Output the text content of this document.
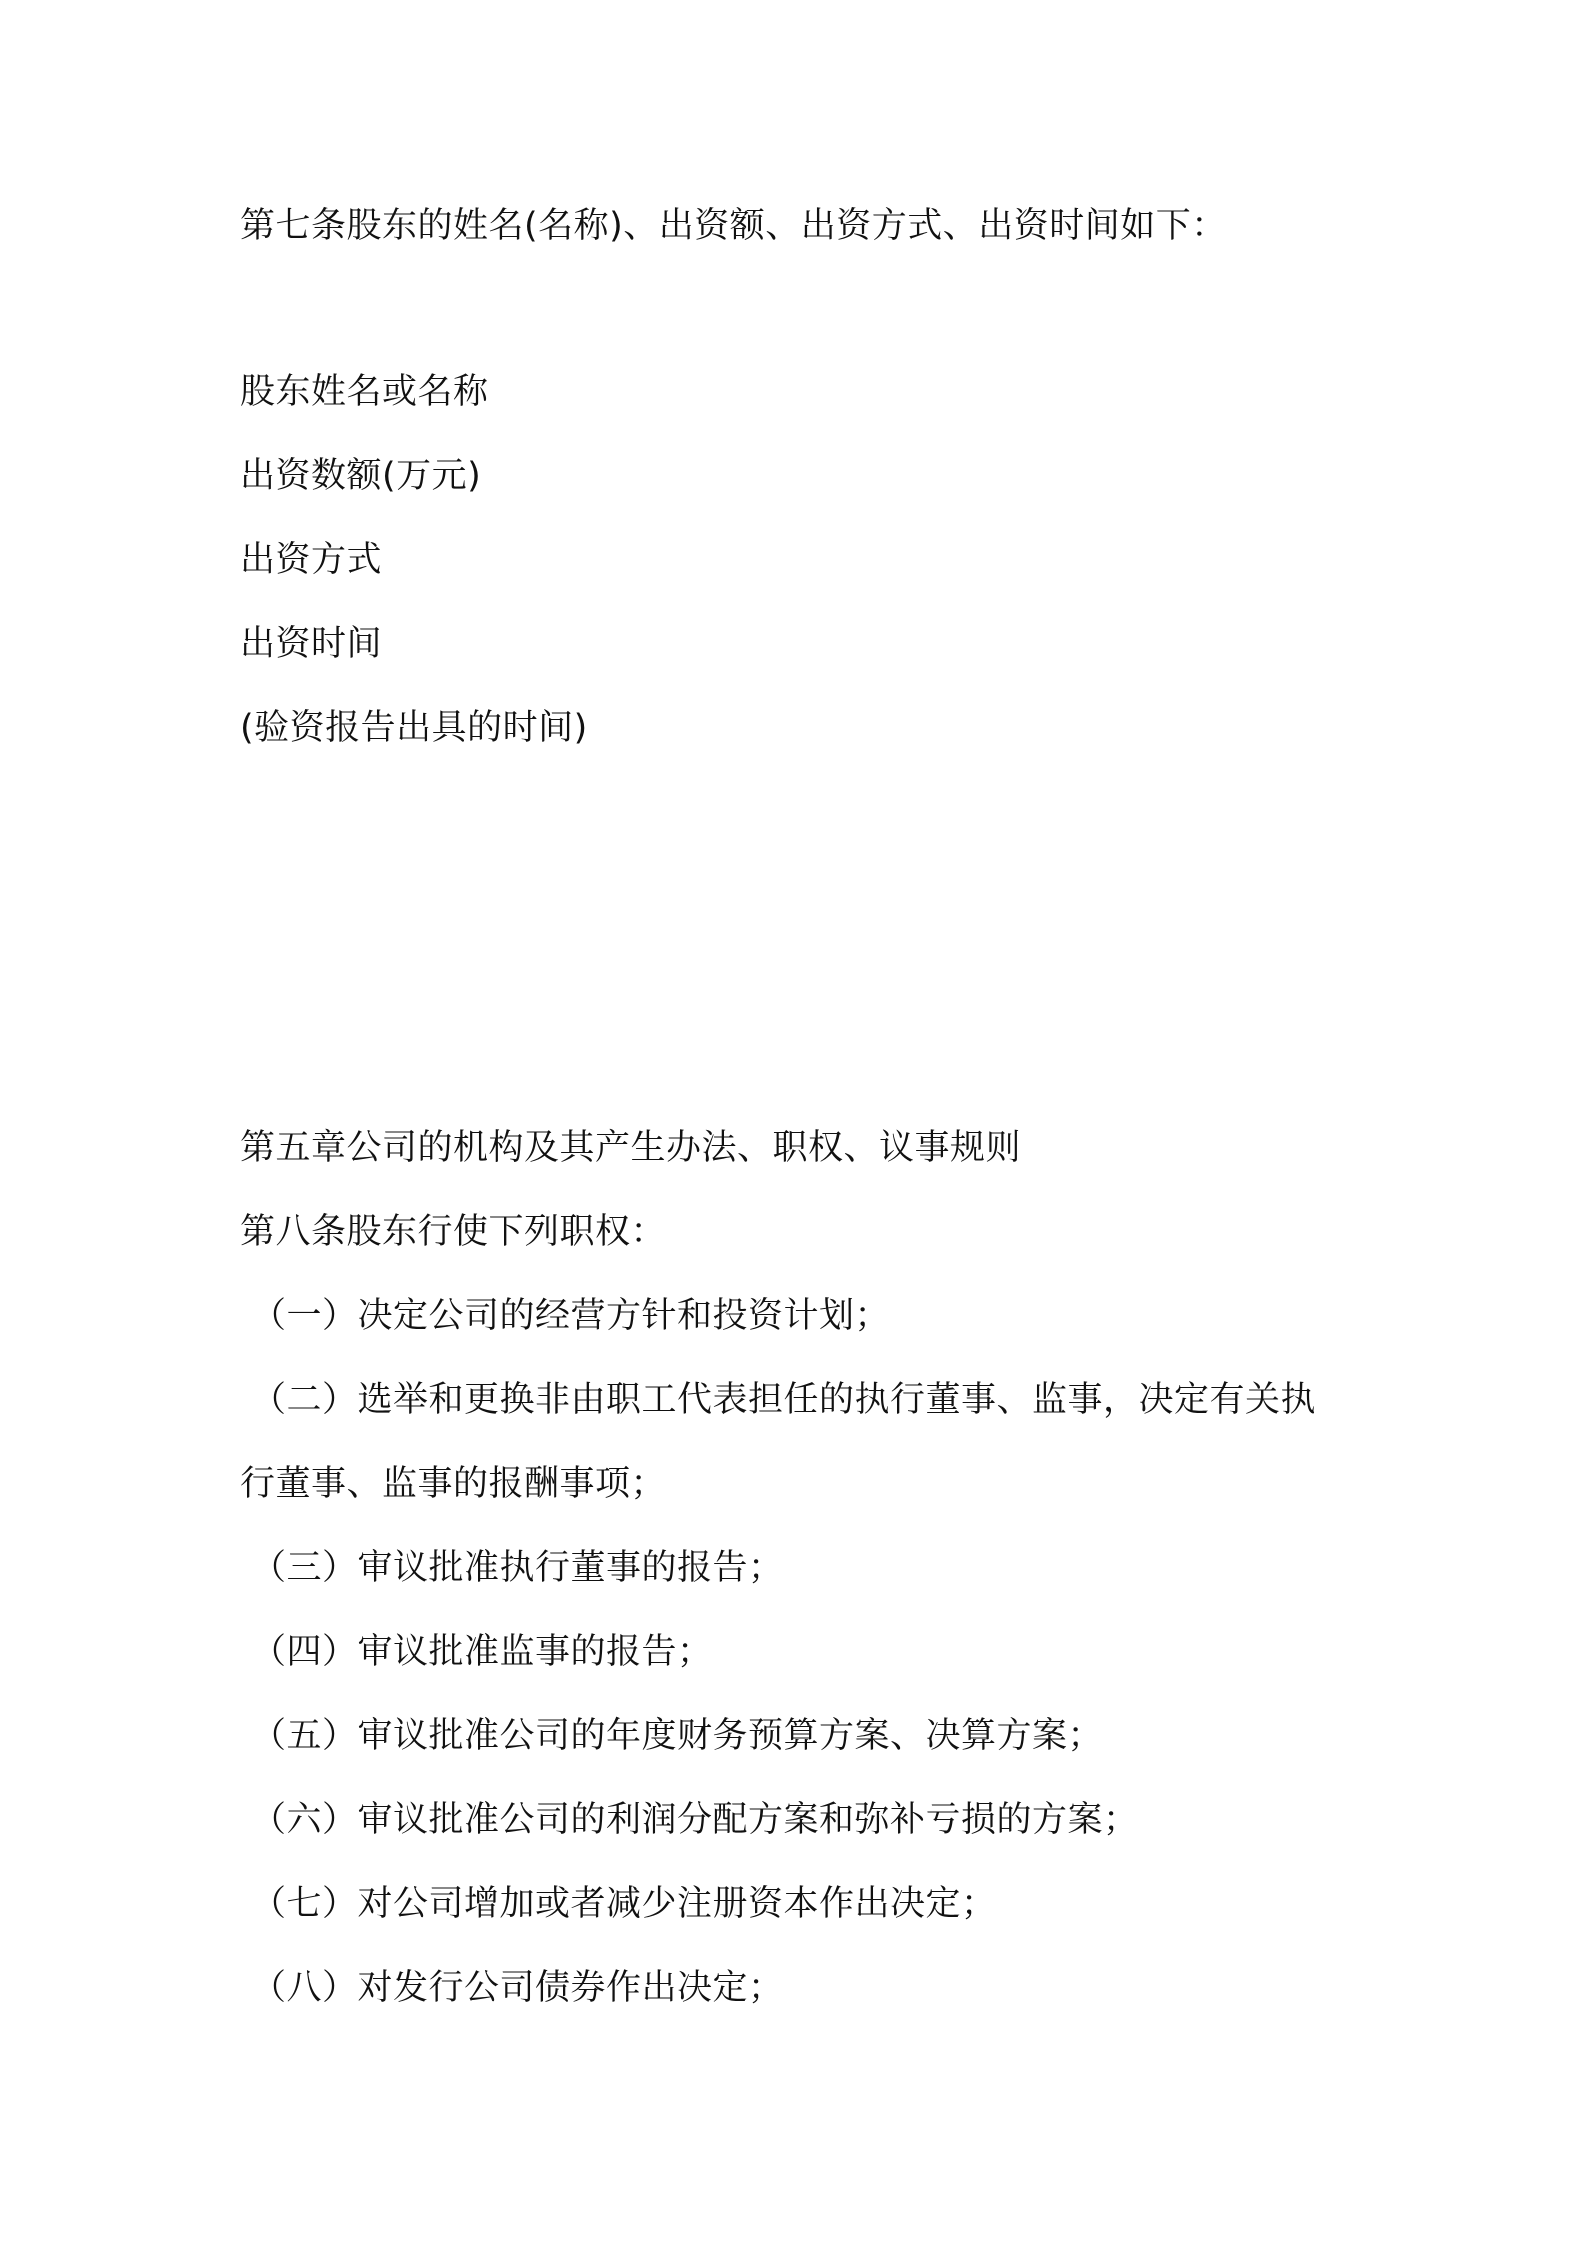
第七条股东的姓名(名称)、出资额、出资方式、出资时间如下：
股东姓名或名称
出资数额(万元)
出资方式
出资时间
(验资报告出具的时间)
第五章公司的机构及其产生办法、职权、议事规则
第八条股东行使下列职权：
（一）决定公司的经营方针和投资计划；
（二）选举和更换非由职工代表担任的执行董事、监事，决定有关执
行董事、监事的报酬事项；
（三）审议批准执行董事的报告；
（四）审议批准监事的报告；
（五）审议批准公司的年度财务预算方案、决算方案；
（六）审议批准公司的利润分配方案和弥补亏损的方案；
（七）对公司增加或者减少注册资本作出决定；
（八）对发行公司债券作出决定；
